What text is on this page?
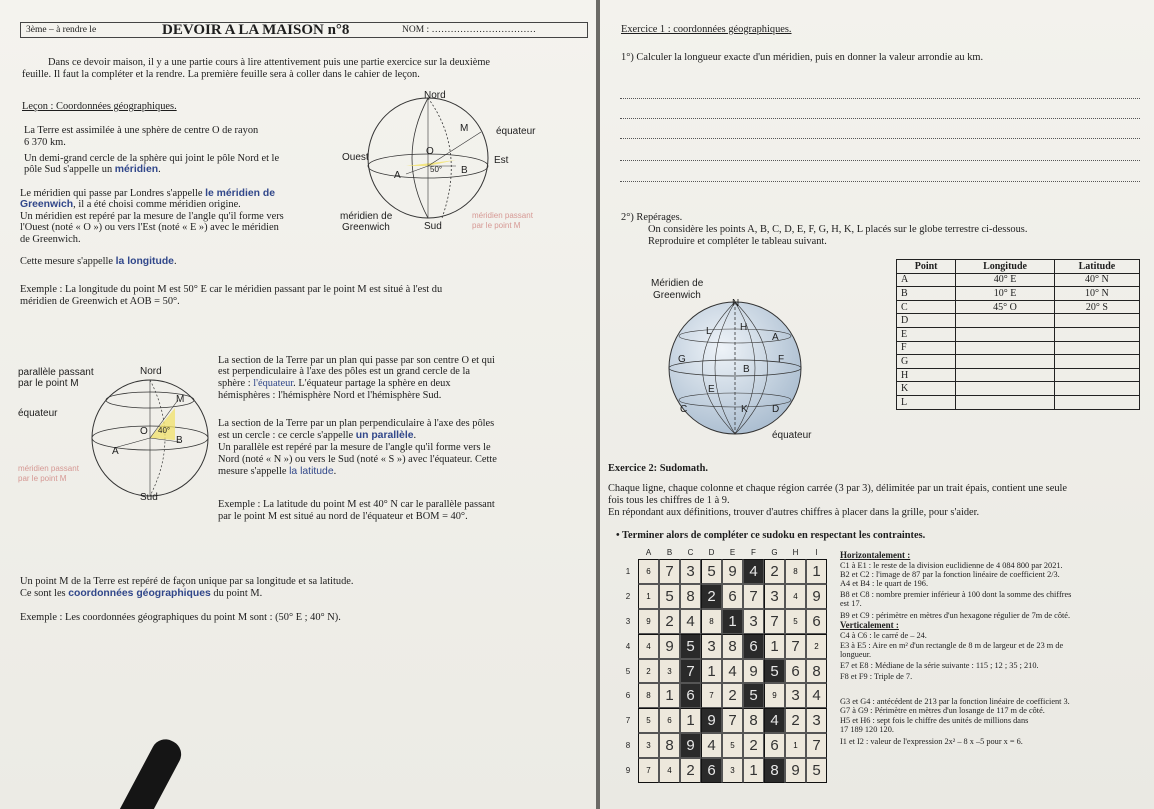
3ème – à rendre le	DEVOIR A LA MAISON n°8	NOM : ……………………………
Dans ce devoir maison, il y a une partie cours à lire attentivement puis une partie exercice sur la deuxième
feuille. Il faut la compléter et la rendre. La première feuille sera à coller dans le cahier de leçon.
Leçon : Coordonnées géographiques.
La Terre est assimilée à une sphère de centre O de rayon
6 370 km.
Un demi-grand cercle de la sphère qui joint le pôle Nord et le
pôle Sud s'appelle un méridien.
Le méridien qui passe par Londres s'appelle le méridien de
Greenwich, il a été choisi comme méridien origine.
Un méridien est repéré par la mesure de l'angle qu'il forme vers
l'Ouest (noté « O ») ou vers l'Est (noté « E ») avec le méridien
de Greenwich.
Cette mesure s'appelle la longitude.
Exemple : La longitude du point M est 50° E car le méridien passant par le point M est situé à l'est du
méridien de Greenwich et AOB = 50°.
Nord
Ouest	Est
équateur
O
A	B
M
50°
méridien de
Greenwich	Sud
méridien passant
par le point M
parallèle passant
par le point M
Nord
équateur
M
O 40°
B
A
méridien passant
par le point M
Sud
La section de la Terre par un plan qui passe par son centre O et qui
est perpendiculaire à l'axe des pôles est un grand cercle de la
sphère : l'équateur. L'équateur partage la sphère en deux
hémisphères : l'hémisphère Nord et l'hémisphère Sud.
La section de la Terre par un plan perpendiculaire à l'axe des pôles
est un cercle : ce cercle s'appelle un parallèle.
Un parallèle est repéré par la mesure de l'angle qu'il forme vers le
Nord (noté « N ») ou vers le Sud (noté « S ») avec l'équateur. Cette
mesure s'appelle la latitude.
Exemple : La latitude du point M est 40° N car le parallèle passant
par le point M est situé au nord de l'équateur et BOM = 40°.
Un point M de la Terre est repéré de façon unique par sa longitude et sa latitude.
Ce sont les coordonnées géographiques du point M.
Exemple : Les coordonnées géographiques du point M sont : (50° E ; 40° N).
Exercice 1 : coordonnées géographiques.
1°) Calculer la longueur exacte d'un méridien, puis en donner la valeur arrondie au km.
2°) Repérages.
On considère les points A, B, C, D, E, F, G, H, K, L placés sur le globe terrestre ci-dessous.
Reproduire et compléter le tableau suivant.
Méridien de
Greenwich
N
équateur
L	H
A
G
B
F
E
C	K D
Point	Longitude	Latitude
A	40° E	40° N
B	10° E	10° N
C	45° O	20° S
D		
E		
F		
G		
H		
K		
L		
Exercice 2: Sudomath.
Chaque ligne, chaque colonne et chaque région carrée (3 par 3), délimitée par un trait épais, contient une seule
fois tous les chiffres de 1 à 9.
En répondant aux définitions, trouver d'autres chiffres à placer dans la grille, pour s'aider.
• Terminer alors de compléter ce sudoku en respectant les contraintes.
A	B	C	D	E	F	G	H	I
1	6 7 3 5 9 4 2	8 1
2	1 5 8 2 6 7 3	4 9
3	9 2 4	8 1 3 7	5 6
4	4 9 5 3 8 6 1 7	2
5	2	3 7 1 4 9 5 6 8
6	8 1 6	7 2 5	9 3 4
7	5	6 1 9 7 8 4 2 3
8	3 8 9 4	5 2 6	1 7
9	7	4 2 6	3 1 8 9 5
Horizontalement :
C1 à E1 : le reste de la division euclidienne de 4 084 800 par 2021.
B2 et C2 : l'image de 87 par la fonction linéaire de coefficient 2/3.
A4 et B4 : le quart de 196.
B8 et C8 : nombre premier inférieur à 100 dont la somme des chiffres
est 17.
B9 et C9 : périmètre en mètres d'un hexagone régulier de 7m de côté.
Verticalement :
C4 à C6 : le carré de – 24.
E3 à E5 : Aire en m² d'un rectangle de 8 m de largeur et de 23 m de
longueur.
E7 et E8 : Médiane de la série suivante : 115 ; 12 ; 35 ; 210.
F8 et F9 : Triple de 7.
G3 et G4 : antécédent de 213 par la fonction linéaire de coefficient 3.
G7 à G9 : Périmètre en mètres d'un losange de 117 m de côté.
H5 et H6 : sept fois le chiffre des unités de millions dans
17 189 120 120.
I1 et I2 : valeur de l'expression 2x² – 8 x –5 pour x = 6.
